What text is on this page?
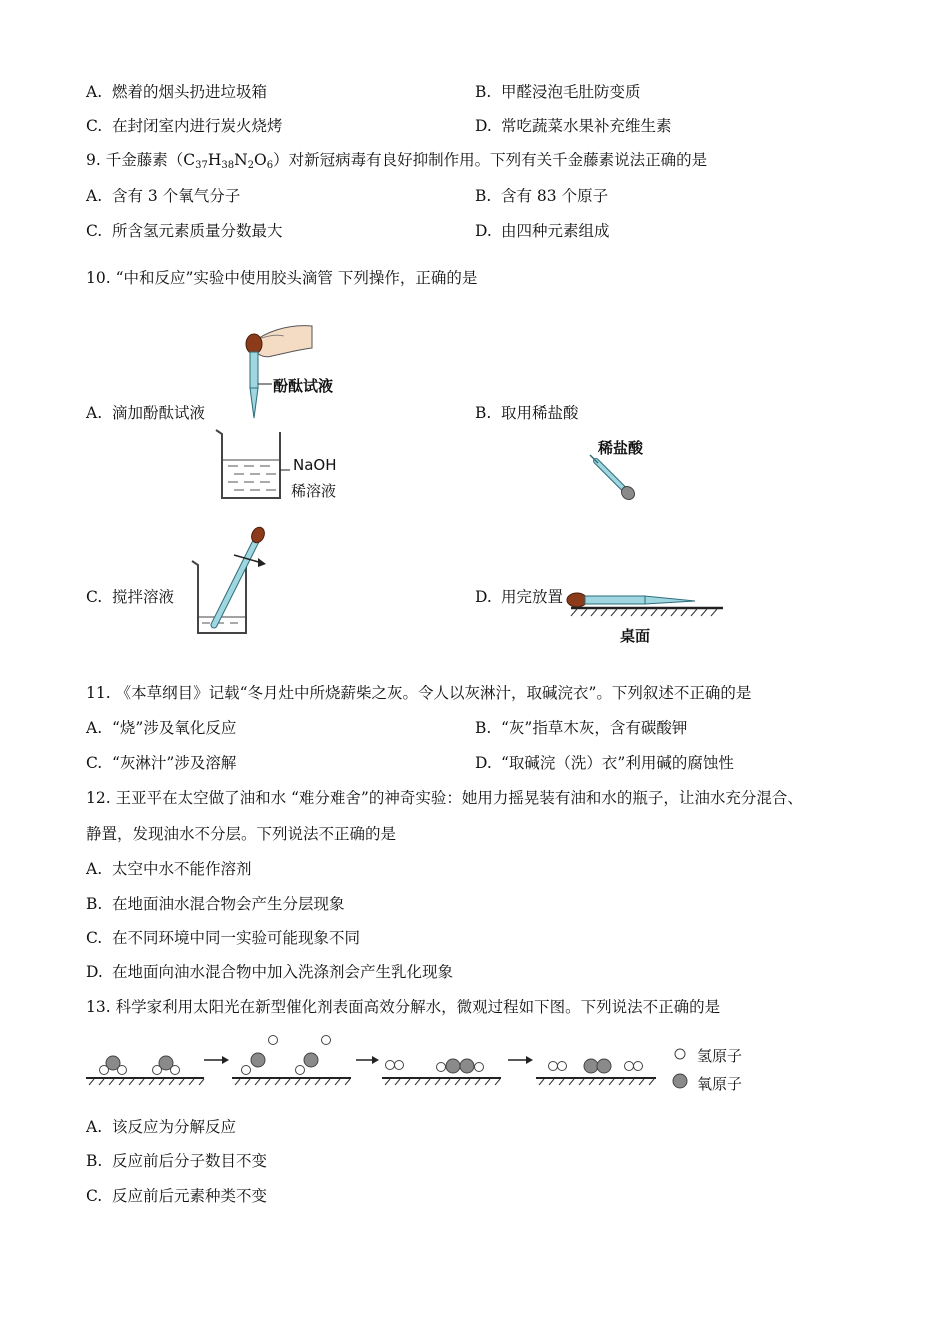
A. 燃着的烟头扔进垃圾箱	B. 甲醛浸泡毛肚防变质
C. 在封闭室内进行炭火烧烤	D. 常吃蔬菜水果补充维生素
9. 千金藤素$(C_{37}H_{38}N_2O_6)$对新冠病毒有良好抑制作用。下列有关千金藤素说法正确的是
A. 含有 3 个氧气分子	B. 含有 83 个原子
C. 所含氢元素质量分数最大	D. 由四种元素组成
10. “中和反应”实验中使用胶头滴管 下列操作，正确的是
A. 滴加酚酞试液	B. 取用稀盐酸
C. 搅拌溶液	D. 用完放置
酚酞试液
NaOH
稀溶液
稀盐酸
桌面
11. 《本草纲目》记载“冬月灶中所烧薪柴之灰。令人以灰淋汁，取碱浣衣”。下列叙述不正确的是
A. “烧”涉及氧化反应	B. “灰”指草木灰，含有碳酸钾
C. “灰淋汁”涉及溶解	D. “取碱浣（洗）衣”利用碱的腐蚀性
12. 王亚平在太空做了油和水 “难分难舍”的神奇实验：她用力摇晃装有油和水的瓶子，让油水充分混合、
静置，发现油水不分层。下列说法不正确的是
A. 太空中水不能作溶剂
B. 在地面油水混合物会产生分层现象
C. 在不同环境中同一实验可能现象不同
D. 在地面向油水混合物中加入洗涤剂会产生乳化现象
13. 科学家利用太阳光在新型催化剂表面高效分解水，微观过程如下图。下列说法不正确的是
氢原子
氧原子
A. 该反应为分解反应
B. 反应前后分子数目不变
C. 反应前后元素种类不变
